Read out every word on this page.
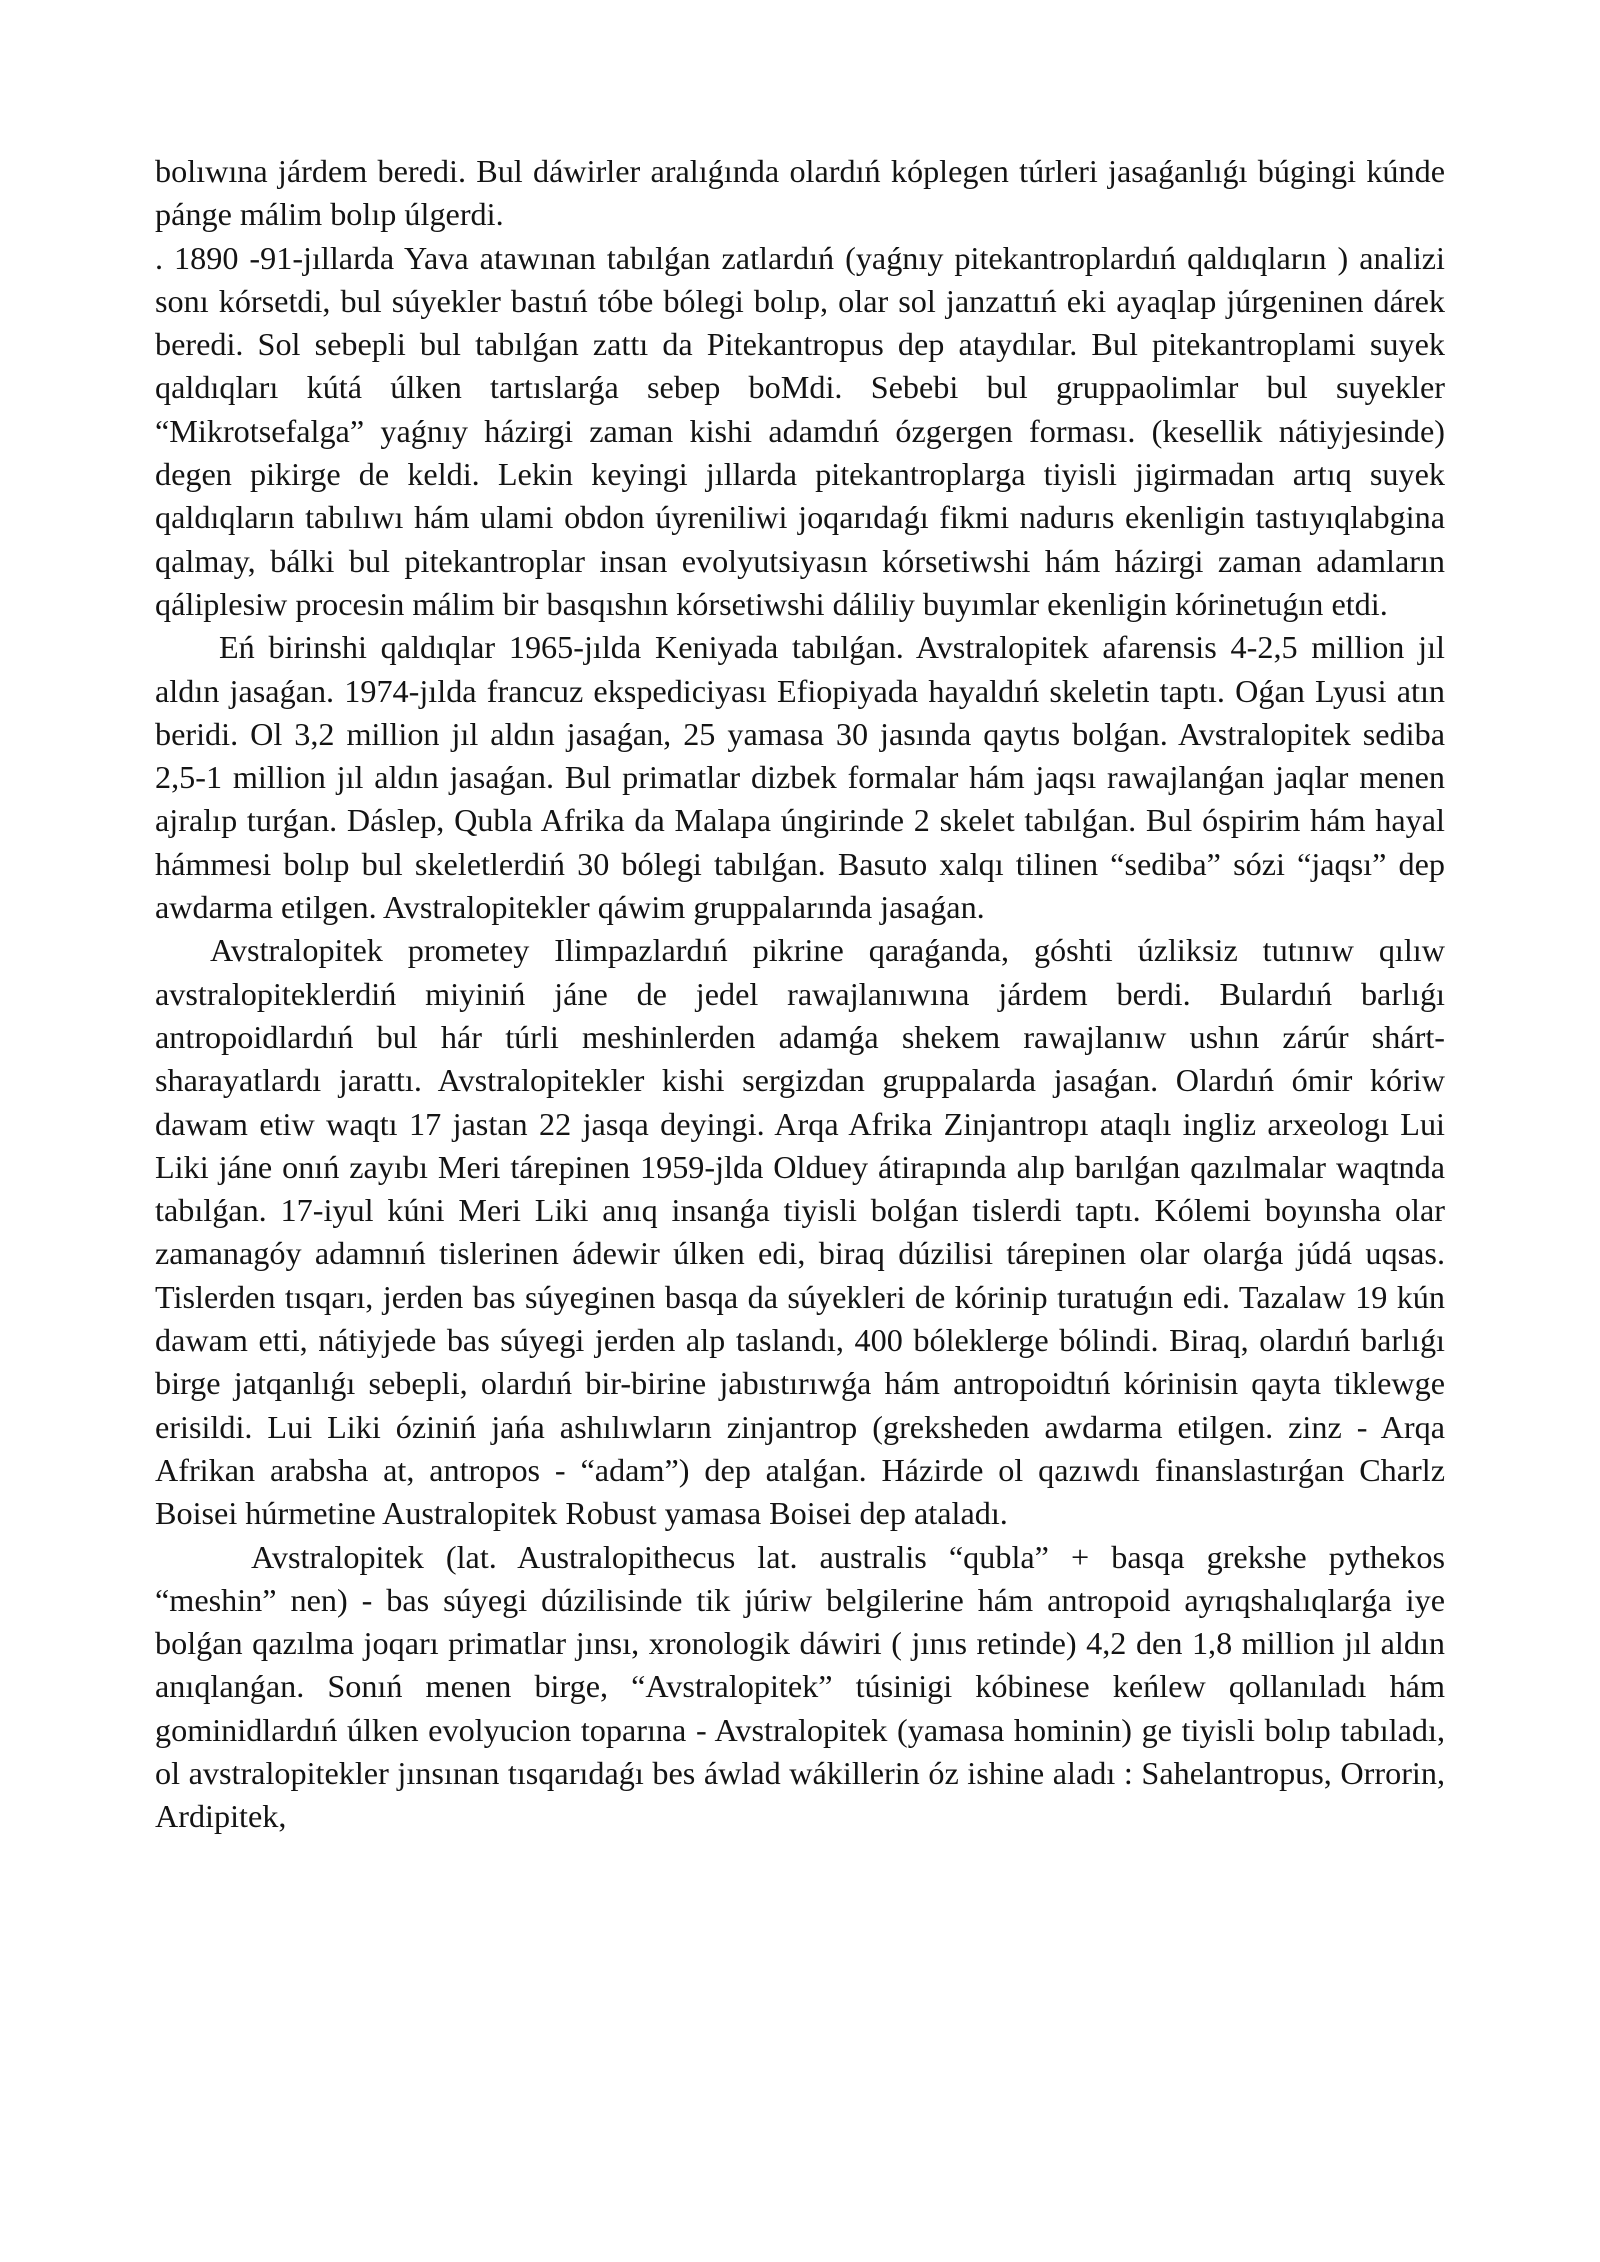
bolıwına járdem beredi. Bul dáwirler aralıǵında olardıń kóplegen túrleri jasaǵanlıǵı búgingi kúnde pánge málim bolıp úlgerdi.

. 1890 -91-jıllarda Yava atawınan tabılǵan zatlardıń (yaǵnıy pitekantroplardıń qaldıqların ) analizi sonı kórsetdi, bul súyekler bastıń tóbe bólegi bolıp, olar sol janzattıń eki ayaqlap júrgeninen dárek beredi. Sol sebepli bul tabılǵan zattı da Pitekantropus dep ataydılar. Bul pitekantroplami suyek qaldıqları kútá úlken tartıslarǵa sebep boMdi. Sebebi bul gruppaolimlar bul suyekler “Mikrotsefalga” yaǵnıy házirgi zaman kishi adamdıń ózgergen forması. (kesellik nátiyjesinde) degen pikirge de keldi. Lekin keyingi jıllarda pitekantroplarga tiyisli jigirmadan artıq suyek qaldıqların tabılıwı hám ulami obdon úyreniliwi joqarıdaǵı fikmi nadurıs ekenligin tastıyıqlabgina qalmay, bálki bul pitekantroplar insan evolyutsiyasın kórsetiwshi hám házirgi zaman adamların qáliplesiw procesin málim bir basqıshın kórsetiwshi dáliliy buyımlar ekenligin kórinetuǵın etdi.

Eń birinshi qaldıqlar 1965-jılda Keniyada tabılǵan. Avstralopitek afarensis 4-2,5 million jıl aldın jasaǵan. 1974-jılda francuz ekspediciyası Efiopiyada hayaldıń skeletin taptı. Oǵan Lyusi atın beridi. Ol 3,2 million jıl aldın jasaǵan, 25 yamasa 30 jasında qaytıs bolǵan. Avstralopitek sediba 2,5-1 million jıl aldın jasaǵan. Bul primatlar dizbek formalar hám jaqsı rawajlanǵan jaqlar menen ajralıp turǵan. Dáslep, Qubla Afrika da Malapa úngirinde 2 skelet tabılǵan. Bul óspirim hám hayal hámmesi bolıp bul skeletlerdiń 30 bólegi tabılǵan. Basuto xalqı tilinen “sediba” sózi “jaqsı” dep awdarma etilgen. Avstralopitekler qáwim gruppalarında jasaǵan.

Avstralopitek prometey Ilimpazlardıń pikrine qaraǵanda, góshti úzliksiz tutınıw qılıw avstralopiteklerdiń miyiniń jáne de jedel rawajlanıwına járdem berdi. Bulardıń barlıǵı antropoidlardıń bul hár túrli meshinlerden adamǵa shekem rawajlanıw ushın zárúr shárt-sharayatlardı jarattı. Avstralopitekler kishi sergizdan gruppalarda jasaǵan. Olardıń ómir kóriw dawam etiw waqtı 17 jastan 22 jasqa deyingi. Arqa Afrika Zinjantropı ataqlı ingliz arxeologı Lui Liki jáne onıń zayıbı Meri tárepinen 1959-jlda Olduey átirapında alıp barılǵan qazılmalar waqtnda tabılǵan. 17-iyul kúni Meri Liki anıq insanǵa tiyisli bolǵan tislerdi taptı. Kólemi boyınsha olar zamanagóy adamnıń tislerinen ádewir úlken edi, biraq dúzilisi tárepinen olar olarǵa júdá uqsas. Tislerden tısqarı, jerden bas súyeginen basqa da súyekleri de kórinip turatuǵın edi. Tazalaw 19 kún dawam etti, nátiyjede bas súyegi jerden alp taslandı, 400 bóleklerge bólindi. Biraq, olardıń barlıǵı birge jatqanlıǵı sebepli, olardıń bir-birine jabıstırıwǵa hám antropoidtıń kórinisin qayta tiklewge erisildi. Lui Liki óziniń jańa ashılıwların zinjantrop (greksheden awdarma etilgen. zinz - Arqa Afrikan arabsha at, antropos - “adam”) dep atalǵan. Házirde ol qazıwdı finanslastırǵan Charlz Boisei húrmetine Australopitek Robust yamasa Boisei dep ataladı.

Avstralopitek (lat. Australopithecus lat. australis “qubla” + basqa grekshe pythekos “meshin” nen) - bas súyegi dúzilisinde tik júriw belgilerine hám antropoid ayrıqshalıqlarǵa iye bolǵan qazılma joqarı primatlar jınsı, xronologik dáwiri ( jınıs retinde) 4,2 den 1,8 million jıl aldın anıqlanǵan. Sonıń menen birge, “Avstralopitek” túsinigi kóbinese keńlew qollanıladı hám gominidlardıń úlken evolyucion toparına - Avstralopitek (yamasa hominin) ge tiyisli bolıp tabıladı, ol avstralopitekler jınsınan tısqarıdaǵı bes áwlad wákillerin óz ishine aladı : Sahelantropus, Orrorin, Ardipitek,
